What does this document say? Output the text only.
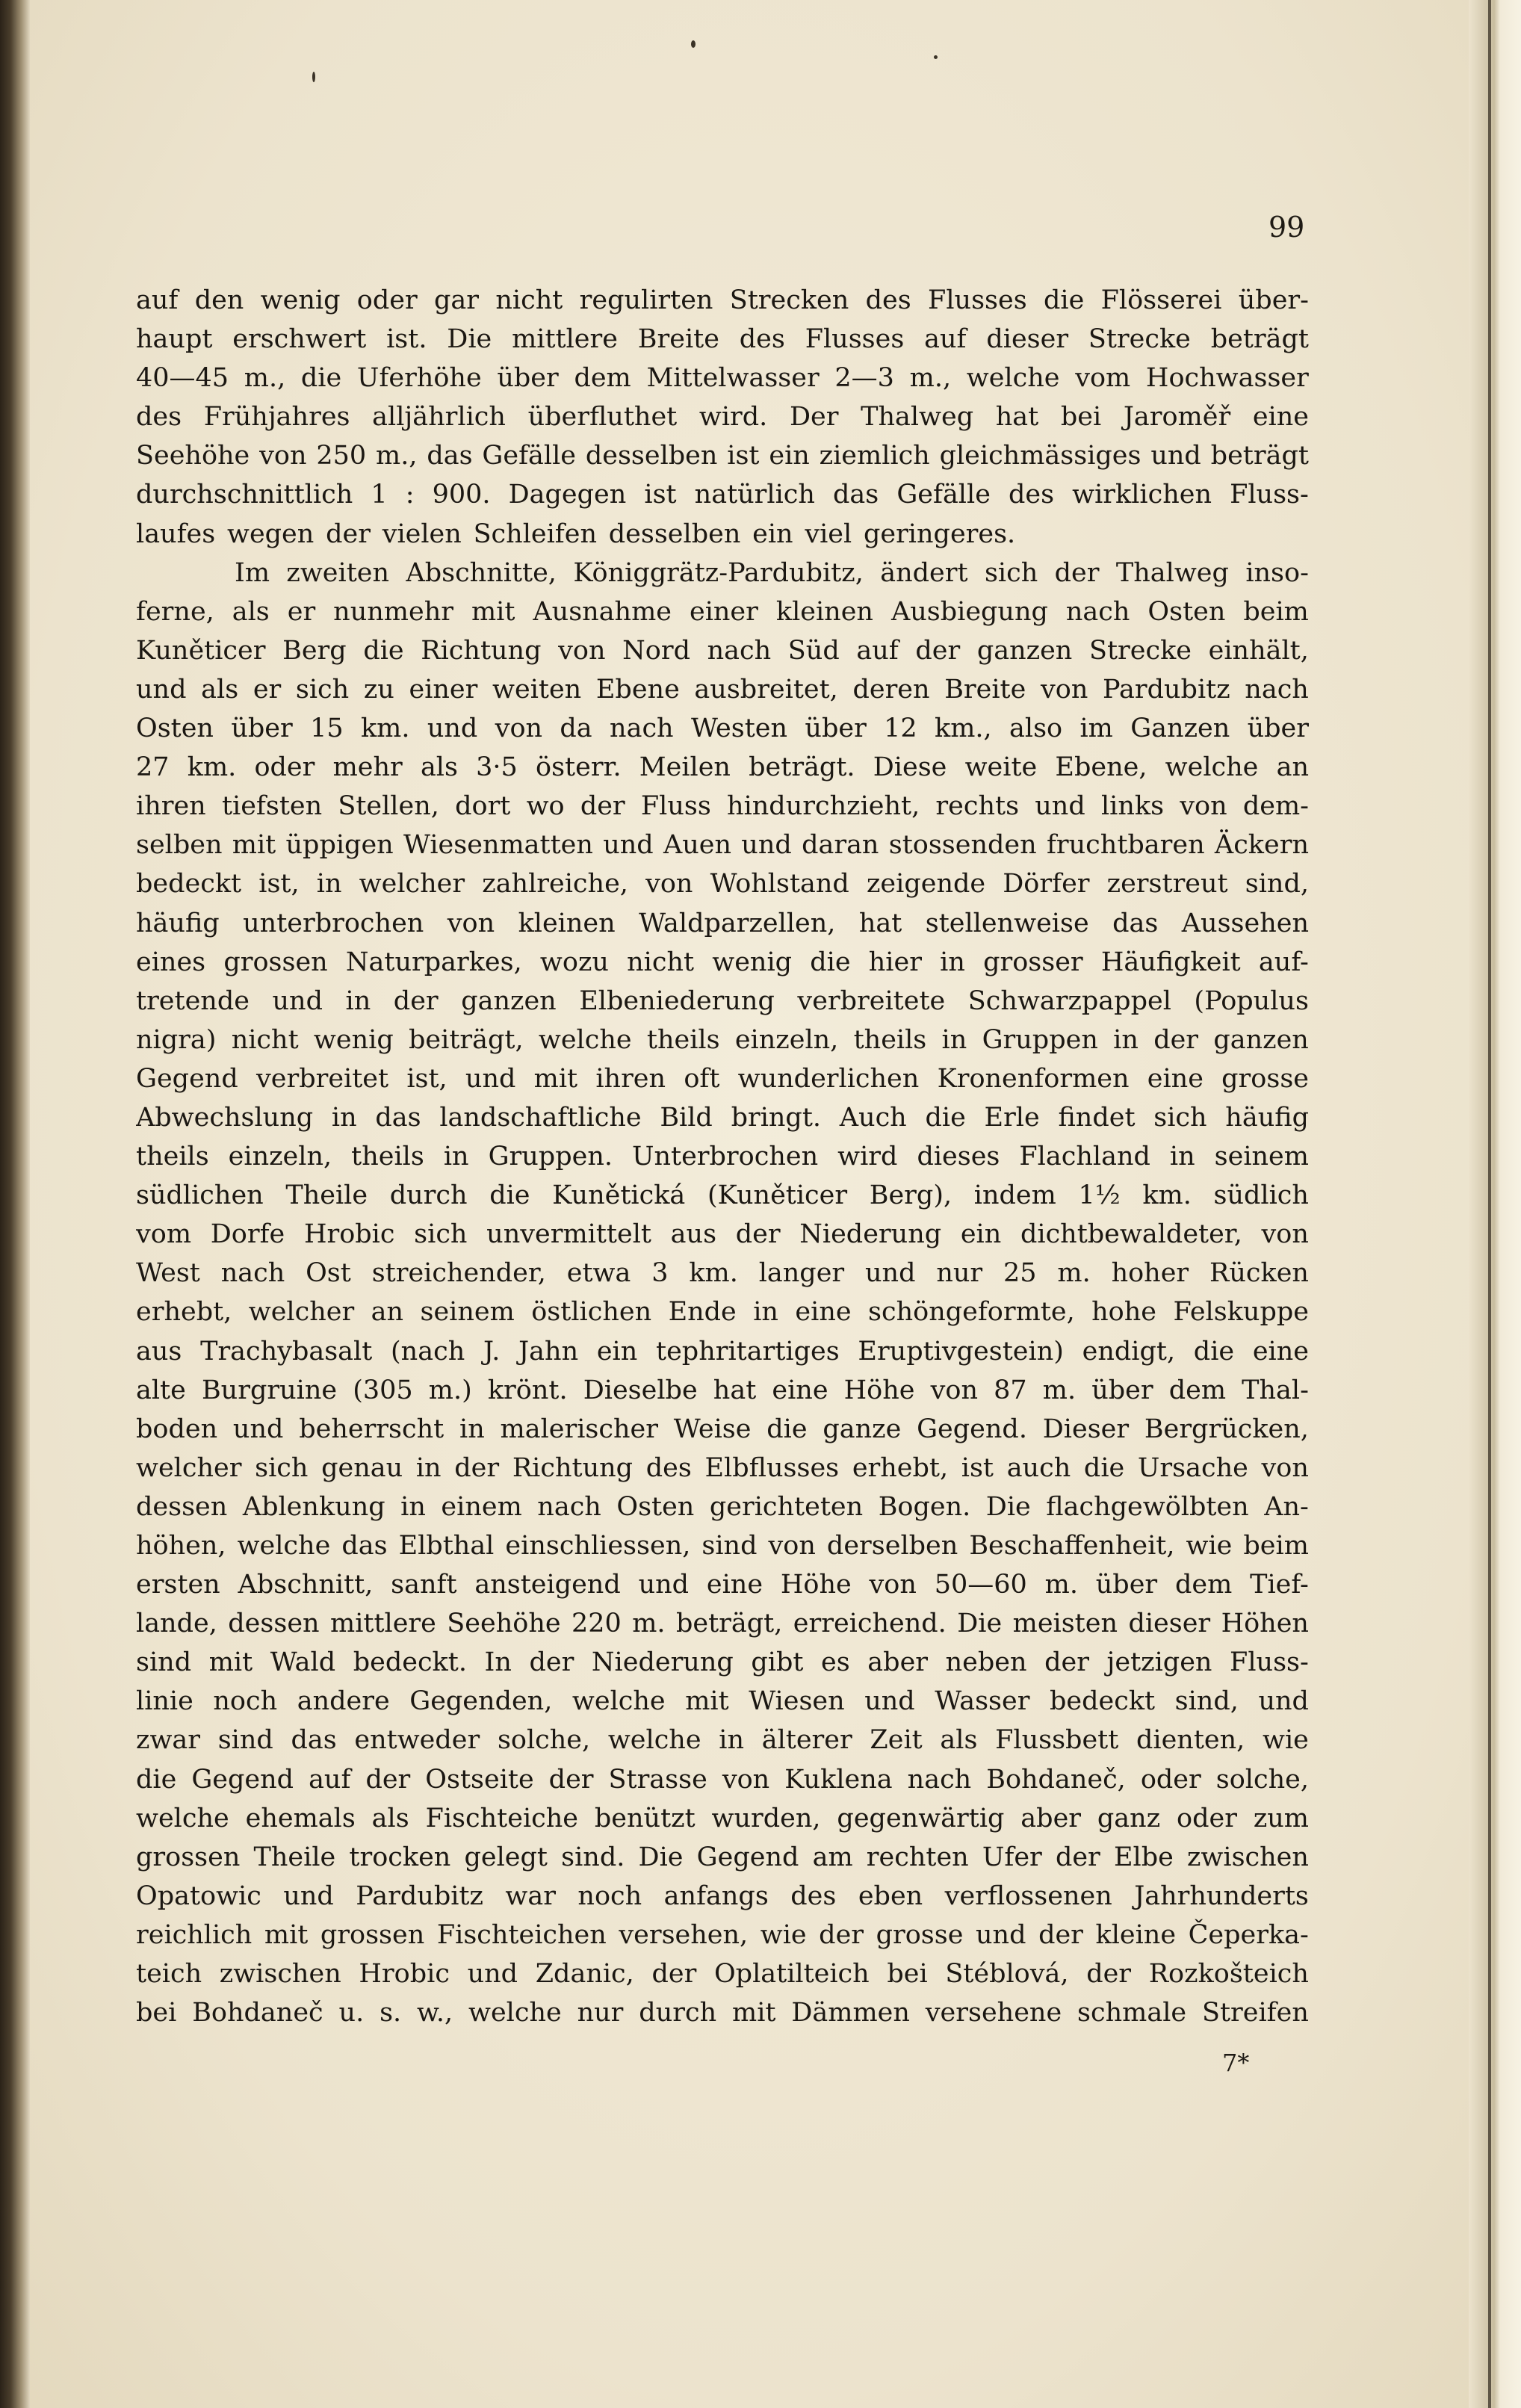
99

auf den wenig oder gar nicht regulirten Strecken des Flusses die Flösserei über-
haupt erschwert ist. Die mittlere Breite des Flusses auf dieser Strecke beträgt
40—45 m., die Uferhöhe über dem Mittelwasser 2—3 m., welche vom Hochwasser
des Frühjahres alljährlich überfluthet wird. Der Thalweg hat bei Jaroměř eine
Seehöhe von 250 m., das Gefälle desselben ist ein ziemlich gleichmässiges und beträgt
durchschnittlich 1 : 900. Dagegen ist natürlich das Gefälle des wirklichen Fluss-
laufes wegen der vielen Schleifen desselben ein viel geringeres.
Im zweiten Abschnitte, Königgrätz-Pardubitz, ändert sich der Thalweg inso-
ferne, als er nunmehr mit Ausnahme einer kleinen Ausbiegung nach Osten beim
Kuněticer Berg die Richtung von Nord nach Süd auf der ganzen Strecke einhält,
und als er sich zu einer weiten Ebene ausbreitet, deren Breite von Pardubitz nach
Osten über 15 km. und von da nach Westen über 12 km., also im Ganzen über
27 km. oder mehr als 3·5 österr. Meilen beträgt. Diese weite Ebene, welche an
ihren tiefsten Stellen, dort wo der Fluss hindurchzieht, rechts und links von dem-
selben mit üppigen Wiesenmatten und Auen und daran stossenden fruchtbaren Äckern
bedeckt ist, in welcher zahlreiche, von Wohlstand zeigende Dörfer zerstreut sind,
häufig unterbrochen von kleinen Waldparzellen, hat stellenweise das Aussehen
eines grossen Naturparkes, wozu nicht wenig die hier in grosser Häufigkeit auf-
tretende und in der ganzen Elbeniederung verbreitete Schwarzpappel (Populus
nigra) nicht wenig beiträgt, welche theils einzeln, theils in Gruppen in der ganzen
Gegend verbreitet ist, und mit ihren oft wunderlichen Kronenformen eine grosse
Abwechslung in das landschaftliche Bild bringt. Auch die Erle findet sich häufig
theils einzeln, theils in Gruppen. Unterbrochen wird dieses Flachland in seinem
südlichen Theile durch die Kunětická (Kuněticer Berg), indem 1½ km. südlich
vom Dorfe Hrobic sich unvermittelt aus der Niederung ein dichtbewaldeter, von
West nach Ost streichender, etwa 3 km. langer und nur 25 m. hoher Rücken
erhebt, welcher an seinem östlichen Ende in eine schöngeformte, hohe Felskuppe
aus Trachybasalt (nach J. Jahn ein tephritartiges Eruptivgestein) endigt, die eine
alte Burgruine (305 m.) krönt. Dieselbe hat eine Höhe von 87 m. über dem Thal-
boden und beherrscht in malerischer Weise die ganze Gegend. Dieser Bergrücken,
welcher sich genau in der Richtung des Elbflusses erhebt, ist auch die Ursache von
dessen Ablenkung in einem nach Osten gerichteten Bogen. Die flachgewölbten An-
höhen, welche das Elbthal einschliessen, sind von derselben Beschaffenheit, wie beim
ersten Abschnitt, sanft ansteigend und eine Höhe von 50—60 m. über dem Tief-
lande, dessen mittlere Seehöhe 220 m. beträgt, erreichend. Die meisten dieser Höhen
sind mit Wald bedeckt. In der Niederung gibt es aber neben der jetzigen Fluss-
linie noch andere Gegenden, welche mit Wiesen und Wasser bedeckt sind, und
zwar sind das entweder solche, welche in älterer Zeit als Flussbett dienten, wie
die Gegend auf der Ostseite der Strasse von Kuklena nach Bohdaneč, oder solche,
welche ehemals als Fischteiche benützt wurden, gegenwärtig aber ganz oder zum
grossen Theile trocken gelegt sind. Die Gegend am rechten Ufer der Elbe zwischen
Opatowic und Pardubitz war noch anfangs des eben verflossenen Jahrhunderts
reichlich mit grossen Fischteichen versehen, wie der grosse und der kleine Čeperka-
teich zwischen Hrobic und Zdanic, der Oplatilteich bei Stéblová, der Rozkošteich
bei Bohdaneč u. s. w., welche nur durch mit Dämmen versehene schmale Streifen

7*
